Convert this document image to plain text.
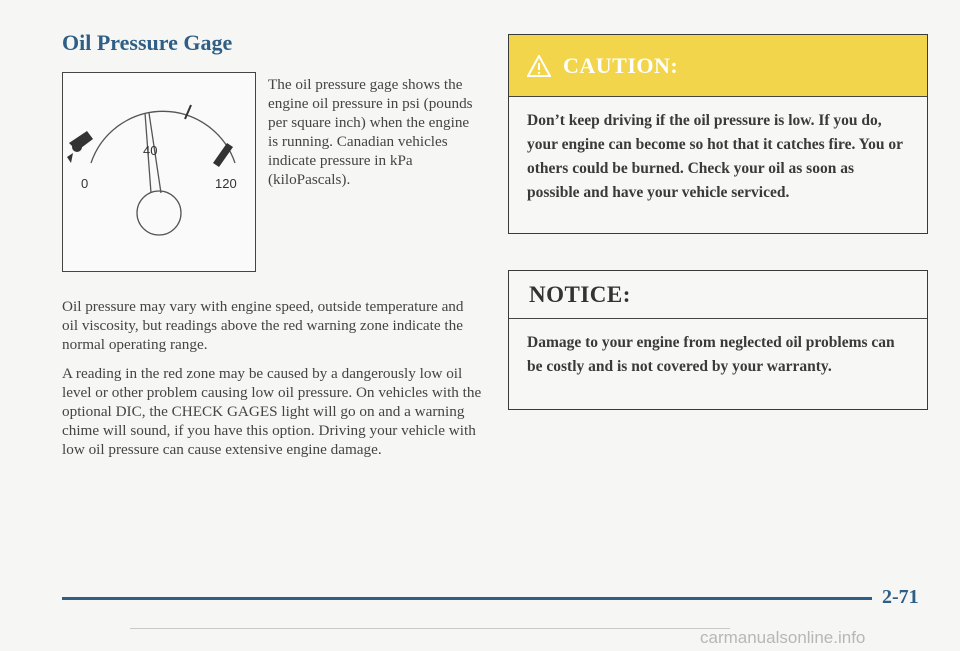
Oil Pressure Gage
40
0	120
The oil pressure gage shows the engine oil pressure in psi (pounds per square inch) when the engine is running. Canadian vehicles indicate pressure in kPa (kiloPascals).

Oil pressure may vary with engine speed, outside temperature and oil viscosity, but readings above the red warning zone indicate the normal operating range.

A reading in the red zone may be caused by a dangerously low oil level or other problem causing low oil pressure. On vehicles with the optional DIC, the CHECK GAGES light will go on and a warning chime will sound, if you have this option. Driving your vehicle with low oil pressure can cause extensive engine damage.

CAUTION:
Don’t keep driving if the oil pressure is low. If you do, your engine can become so hot that it catches fire. You or others could be burned. Check your oil as soon as possible and have your vehicle serviced.
NOTICE:
Damage to your engine from neglected oil problems can be costly and is not covered by your warranty.
2-71
carmanualsonline.info
